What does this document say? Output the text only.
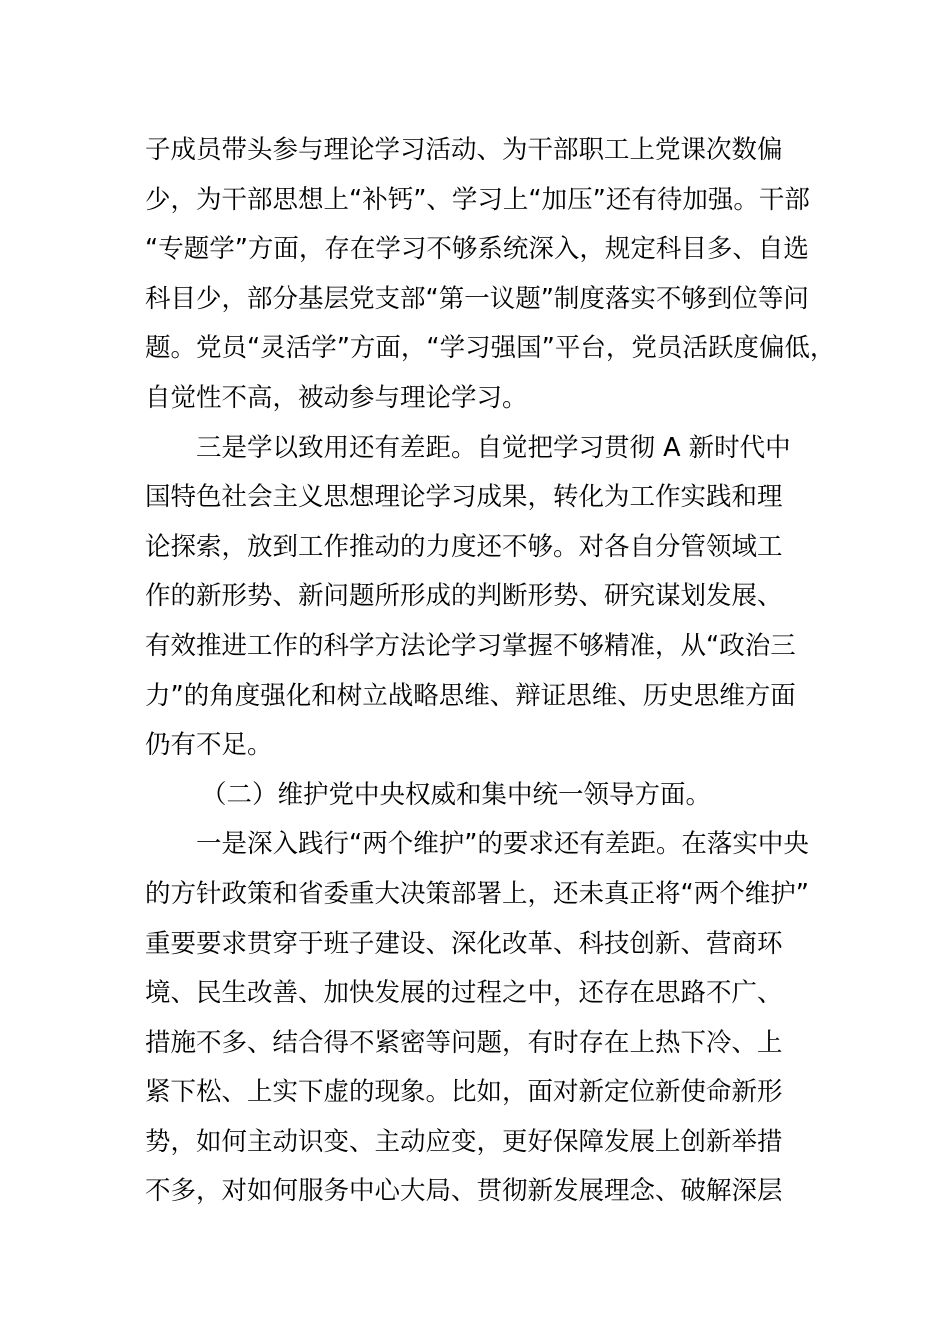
子成员带头参与理论学习活动、为干部职工上党课次数偏
少，为干部思想上“补钙”、学习上“加压”还有待加强。干部
“专题学”方面，存在学习不够系统深入，规定科目多、自选
科目少，部分基层党支部“第一议题”制度落实不够到位等问
题。党员“灵活学”方面，“学习强国”平台，党员活跃度偏低，
自觉性不高，被动参与理论学习。
三是学以致用还有差距。自觉把学习贯彻 A 新时代中
国特色社会主义思想理论学习成果，转化为工作实践和理
论探索，放到工作推动的力度还不够。对各自分管领域工
作的新形势、新问题所形成的判断形势、研究谋划发展、
有效推进工作的科学方法论学习掌握不够精准，从“政治三
力”的角度强化和树立战略思维、辩证思维、历史思维方面
仍有不足。
（二）维护党中央权威和集中统一领导方面。
一是深入践行“两个维护”的要求还有差距。在落实中央
的方针政策和省委重大决策部署上，还未真正将“两个维护”
重要要求贯穿于班子建设、深化改革、科技创新、营商环
境、民生改善、加快发展的过程之中，还存在思路不广、
措施不多、结合得不紧密等问题，有时存在上热下冷、上
紧下松、上实下虚的现象。比如，面对新定位新使命新形
势，如何主动识变、主动应变，更好保障发展上创新举措
不多，对如何服务中心大局、贯彻新发展理念、破解深层
